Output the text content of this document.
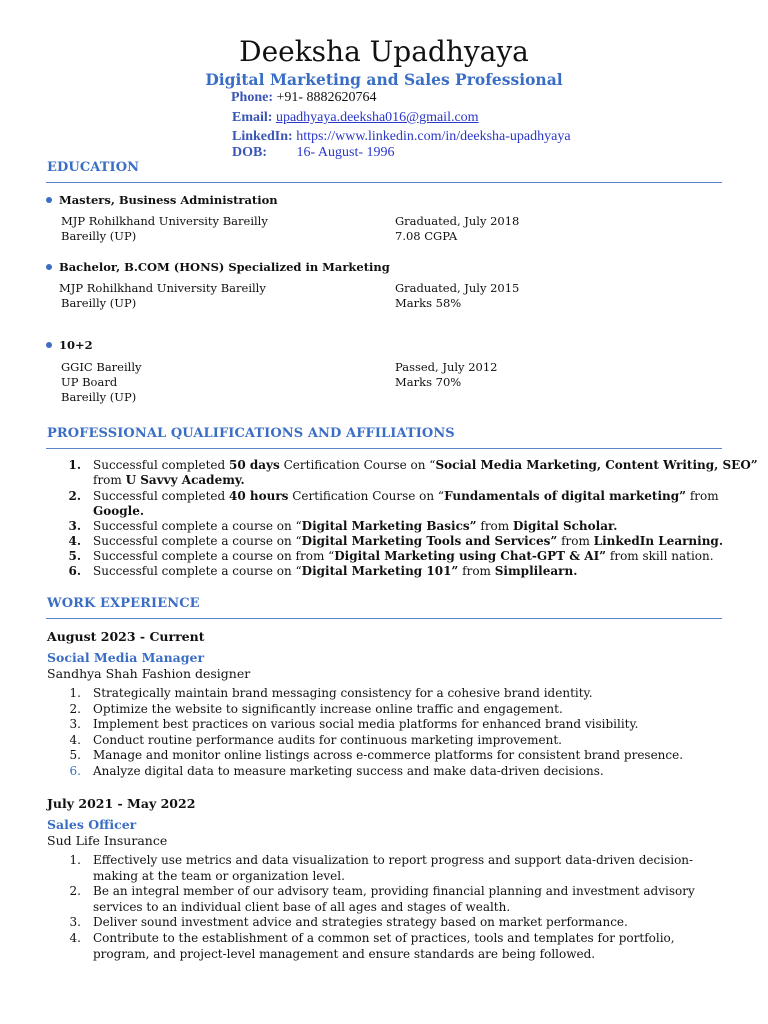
Deeksha Upadhyaya
Digital Marketing and Sales Professional
Phone: +91- 8882620764
Email: upadhyaya.deeksha016@gmail.com
LinkedIn: https://www.linkedin.com/in/deeksha-upadhyaya
DOB: 16- August- 1996
EDUCATION
Masters, Business Administration
MJP Rohilkhand University Bareilly	Graduated, July 2018
Bareilly (UP)	7.08 CGPA
Bachelor, B.COM (HONS) Specialized in Marketing
MJP Rohilkhand University Bareilly	Graduated, July 2015
Bareilly (UP)	Marks 58%
10+2
GGIC Bareilly	Passed, July 2012
UP Board	Marks 70%
Bareilly (UP)
PROFESSIONAL QUALIFICATIONS AND AFFILIATIONS
1. Successful completed 50 days Certification Course on “Social Media Marketing, Content Writing, SEO”
from U Savvy Academy.
2. Successful completed 40 hours Certification Course on “Fundamentals of digital marketing” from
Google.
3. Successful complete a course on “Digital Marketing Basics” from Digital Scholar.
4. Successful complete a course on “Digital Marketing Tools and Services” from LinkedIn Learning.
5. Successful complete a course on from “Digital Marketing using Chat-GPT & AI” from skill nation.
6. Successful complete a course on “Digital Marketing 101” from Simplilearn.
WORK EXPERIENCE
August 2023 - Current
Social Media Manager
Sandhya Shah Fashion designer
1. Strategically maintain brand messaging consistency for a cohesive brand identity.
2. Optimize the website to significantly increase online traffic and engagement.
3. Implement best practices on various social media platforms for enhanced brand visibility.
4. Conduct routine performance audits for continuous marketing improvement.
5. Manage and monitor online listings across e-commerce platforms for consistent brand presence.
6. Analyze digital data to measure marketing success and make data-driven decisions.
July 2021 - May 2022
Sales Officer
Sud Life Insurance
1. Effectively use metrics and data visualization to report progress and support data-driven decision-
making at the team or organization level.
2. Be an integral member of our advisory team, providing financial planning and investment advisory
services to an individual client base of all ages and stages of wealth.
3. Deliver sound investment advice and strategies strategy based on market performance.
4. Contribute to the establishment of a common set of practices, tools and templates for portfolio,
program, and project-level management and ensure standards are being followed.
